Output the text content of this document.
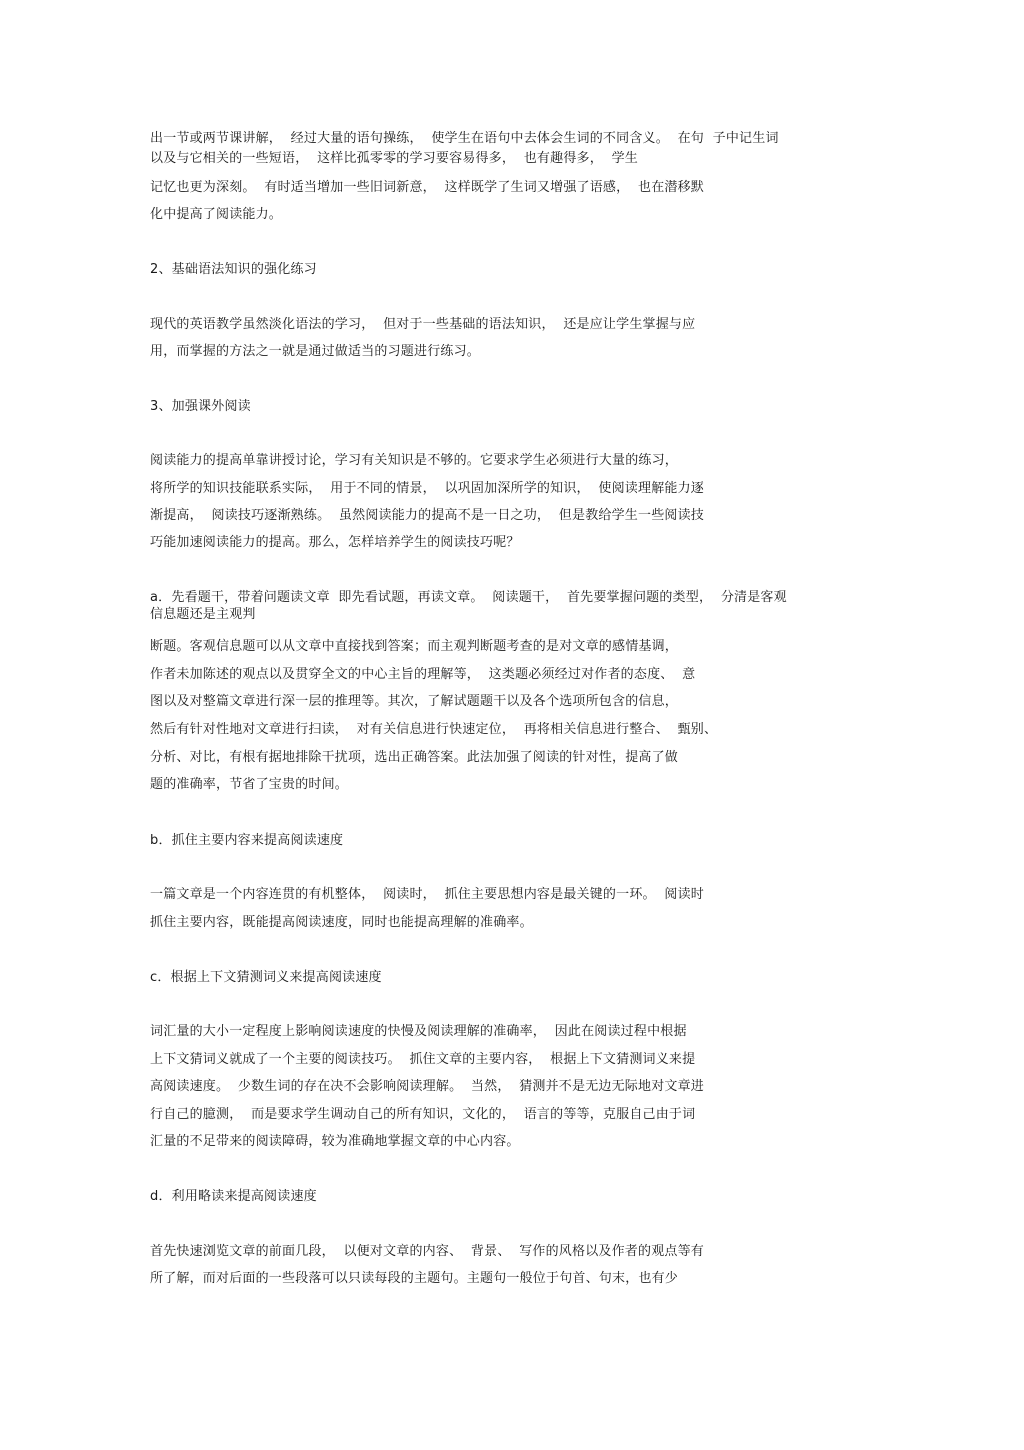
出一节或两节课讲解，  经过大量的语句操练，  使学生在语句中去体会生词的不同含义。  在句  子中记生词

以及与它相关的一些短语，  这样比孤零零的学习要容易得多，  也有趣得多，  学生

记忆也更为深刻。  有时适当增加一些旧词新意，  这样既学了生词又增强了语感，  也在潜移默

化中提高了阅读能力。

2、基础语法知识的强化练习

现代的英语教学虽然淡化语法的学习，  但对于一些基础的语法知识，  还是应让学生掌握与应

用，而掌握的方法之一就是通过做适当的习题进行练习。

3、加强课外阅读

阅读能力的提高单靠讲授讨论，学习有关知识是不够的。它要求学生必须进行大量的练习，

将所学的知识技能联系实际，  用于不同的情景，  以巩固加深所学的知识，  使阅读理解能力逐

渐提高，  阅读技巧逐渐熟练。  虽然阅读能力的提高不是一日之功，  但是教给学生一些阅读技

巧能加速阅读能力的提高。那么，怎样培养学生的阅读技巧呢？

a．先看题干，带着问题读文章  即先看试题，再读文章。  阅读题干，  首先要掌握问题的类型，  分清是客观

信息题还是主观判

断题。客观信息题可以从文章中直接找到答案；而主观判断题考查的是对文章的感情基调，

作者未加陈述的观点以及贯穿全文的中心主旨的理解等，  这类题必须经过对作者的态度、  意

图以及对整篇文章进行深一层的推理等。其次，了解试题题干以及各个选项所包含的信息，

然后有针对性地对文章进行扫读，  对有关信息进行快速定位，  再将相关信息进行整合、  甄别、

分析、对比，有根有据地排除干扰项，选出正确答案。此法加强了阅读的针对性，提高了做

题的准确率，节省了宝贵的时间。

b．抓住主要内容来提高阅读速度

一篇文章是一个内容连贯的有机整体，  阅读时，  抓住主要思想内容是最关键的一环。  阅读时

抓住主要内容，既能提高阅读速度，同时也能提高理解的准确率。

c．根据上下文猜测词义来提高阅读速度

词汇量的大小一定程度上影响阅读速度的快慢及阅读理解的准确率，  因此在阅读过程中根据

上下文猜词义就成了一个主要的阅读技巧。  抓住文章的主要内容，  根据上下文猜测词义来提

高阅读速度。  少数生词的存在决不会影响阅读理解。  当然，  猜测并不是无边无际地对文章进

行自己的臆测，  而是要求学生调动自己的所有知识，文化的，  语言的等等，克服自己由于词

汇量的不足带来的阅读障碍，较为准确地掌握文章的中心内容。

d．利用略读来提高阅读速度

首先快速浏览文章的前面几段，  以便对文章的内容、  背景、  写作的风格以及作者的观点等有

所了解，而对后面的一些段落可以只读每段的主题句。主题句一般位于句首、句末，也有少
